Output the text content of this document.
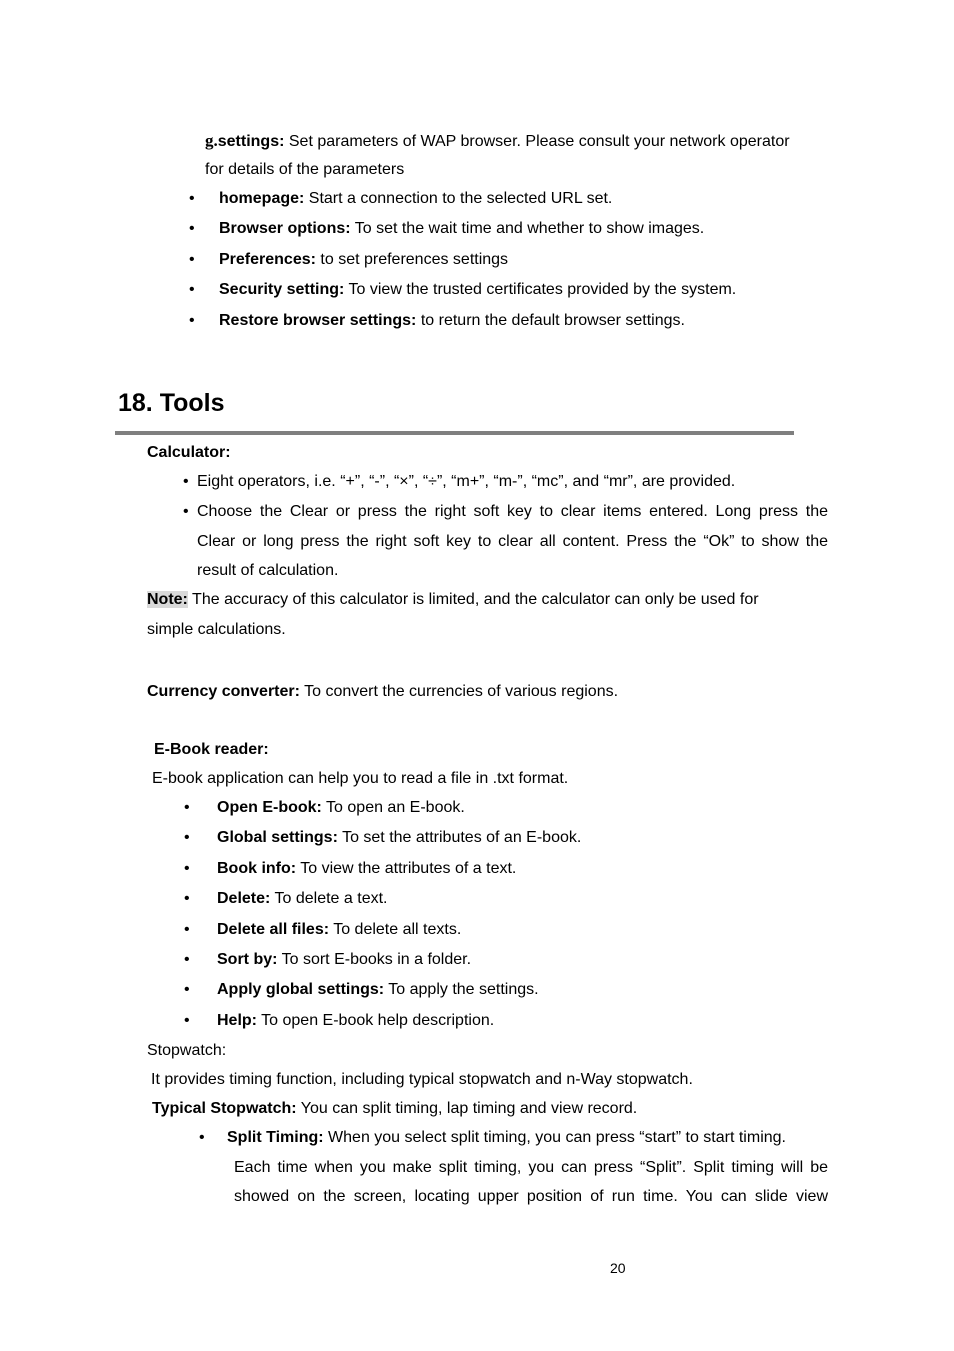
g.settings: Set parameters of WAP browser. Please consult your network operator
for details of the parameters
• homepage: Start a connection to the selected URL set.
• Browser options: To set the wait time and whether to show images.
• Preferences: to set preferences settings
• Security setting: To view the trusted certificates provided by the system.
• Restore browser settings: to return the default browser settings.
18. Tools
Calculator:
• Eight operators, i.e. “+”, “-”, “×”, “÷”, “m+”, “m-”, “mc”, and “mr”, are provided.
• Choose the Clear or press the right soft key to clear items entered. Long press the
Clear or long press the right soft key to clear all content. Press the “Ok” to show the
result of calculation.
Note: The accuracy of this calculator is limited, and the calculator can only be used for
simple calculations.
Currency converter: To convert the currencies of various regions.
E-Book reader:
E-book application can help you to read a file in .txt format.
• Open E-book: To open an E-book.
• Global settings: To set the attributes of an E-book.
• Book info: To view the attributes of a text.
• Delete: To delete a text.
• Delete all files: To delete all texts.
• Sort by: To sort E-books in a folder.
• Apply global settings: To apply the settings.
• Help: To open E-book help description.
Stopwatch:
It provides timing function, including typical stopwatch and n-Way stopwatch.
Typical Stopwatch: You can split timing, lap timing and view record.
• Split Timing: When you select split timing, you can press “start” to start timing.
Each time when you make split timing, you can press “Split”. Split timing will be
showed on the screen, locating upper position of run time. You can slide view
20
